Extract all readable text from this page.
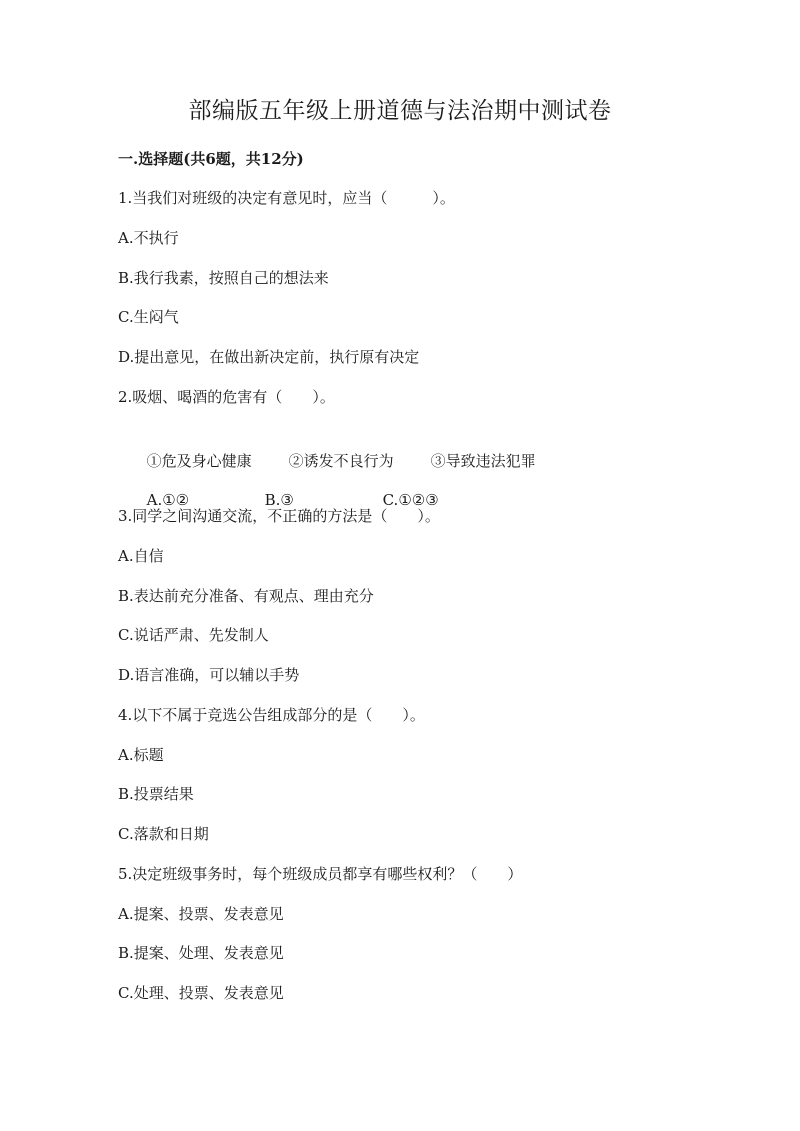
部编版五年级上册道德与法治期中测试卷
一.选择题(共6题，共12分)
1.当我们对班级的决定有意见时，应当（　　　）。
A.不执行
B.我行我素，按照自己的想法来
C.生闷气
D.提出意见，在做出新决定前，执行原有决定
2.吸烟、喝酒的危害有（　　）。

①危及身心健康 ②诱发不良行为 ③导致违法犯罪

A.①②	B.③	C.①②③

3.同学之间沟通交流，不正确的方法是（　　）。
A.自信
B.表达前充分准备、有观点、理由充分
C.说话严肃、先发制人
D.语言准确，可以辅以手势
4.以下不属于竞选公告组成部分的是（　　）。
A.标题
B.投票结果
C.落款和日期
5.决定班级事务时，每个班级成员都享有哪些权利？（　　）
A.提案、投票、发表意见
B.提案、处理、发表意见
C.处理、投票、发表意见
